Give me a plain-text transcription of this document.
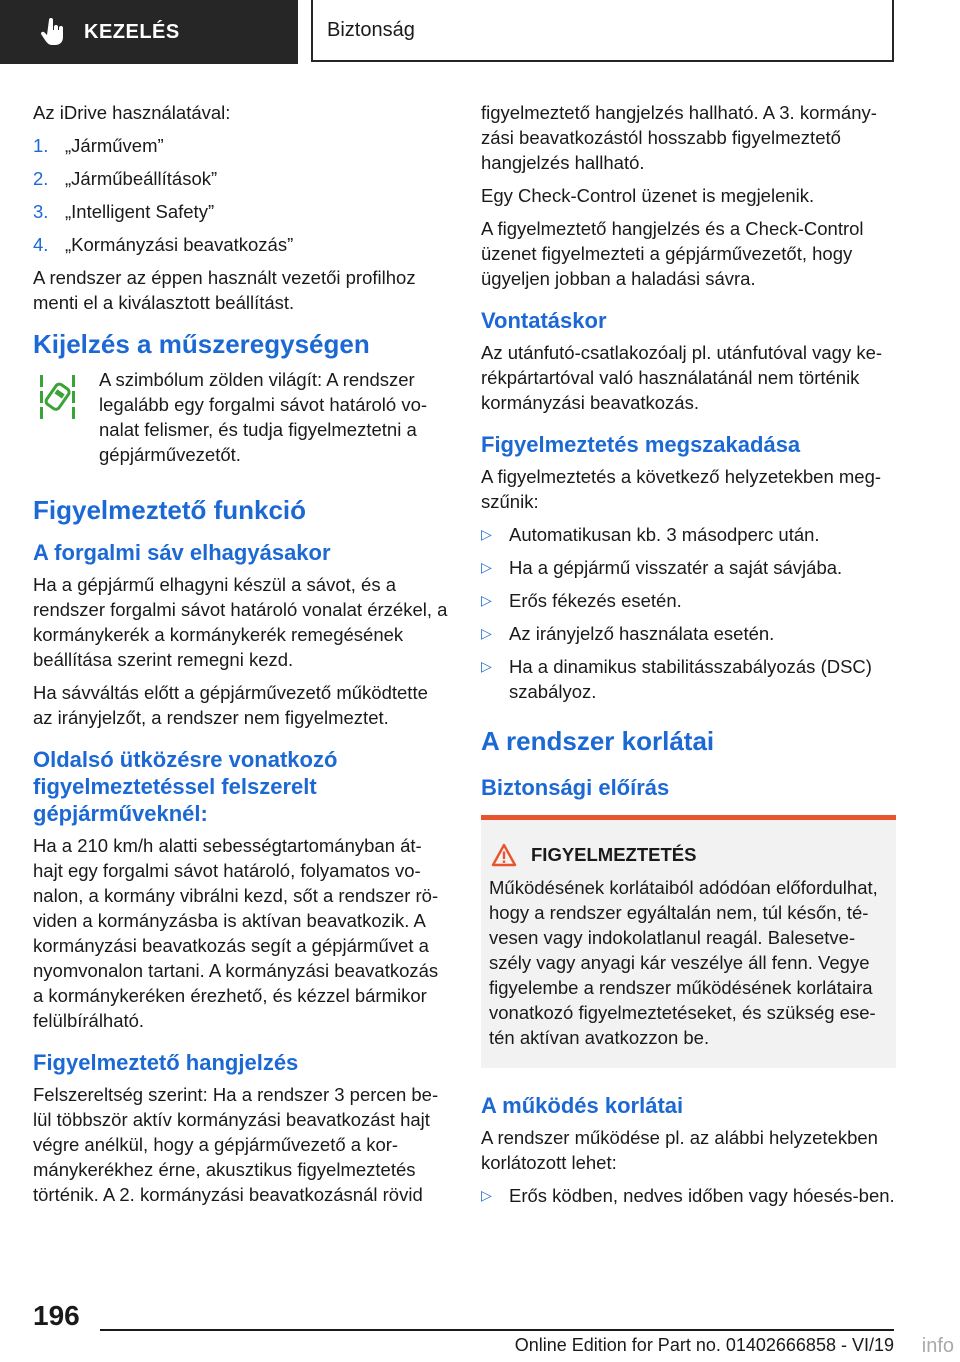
KEZELÉS	Biztonság

Az iDrive használatával:

1. „Járművem”
2. „Járműbeállítások”
3. „Intelligent Safety”
4. „Kormányzási beavatkozás”

A rendszer az éppen használt vezetői profilhoz menti el a kiválasztott beállítást.

Kijelzés a műszeregységen

A szimbólum zölden világít: A rendszer legalább egy forgalmi sávot határoló vo-nalat felismer, és tudja figyelmeztetni a gépjárművezetőt.

Figyelmeztető funkció
A forgalmi sáv elhagyásakor

Ha a gépjármű elhagyni készül a sávot, és a rendszer forgalmi sávot határoló vonalat érzékel, a kormánykerék a kormánykerék remegésének beállítása szerint remegni kezd.

Ha sávváltás előtt a gépjárművezető működtette az irányjelzőt, a rendszer nem figyelmeztet.

Oldalsó ütközésre vonatkozó figyelmeztetéssel felszerelt gépjárműveknél:

Ha a 210 km/h alatti sebességtartományban át-hajt egy forgalmi sávot határoló, folyamatos vo-nalon, a kormány vibrálni kezd, sőt a rendszer rö-viden a kormányzásba is aktívan beavatkozik. A kormányzási beavatkozás segít a gépjárművet a nyomvonalon tartani. A kormányzási beavatkozás a kormánykeréken érezhető, és kézzel bármikor felülbírálható.

Figyelmeztető hangjelzés

Felszereltség szerint: Ha a rendszer 3 percen be-lül többször aktív kormányzási beavatkozást hajt végre anélkül, hogy a gépjárművezető a kor-mánykerékhez érne, akusztikus figyelmeztetés történik. A 2. kormányzási beavatkozásnál rövid

figyelmeztető hangjelzés hallható. A 3. kormány-zási beavatkozástól hosszabb figyelmeztető hangjelzés hallható.

Egy Check-Control üzenet is megjelenik.

A figyelmeztető hangjelzés és a Check-Control üzenet figyelmezteti a gépjárművezetőt, hogy ügyeljen jobban a haladási sávra.

Vontatáskor

Az utánfutó-csatlakozóalj pl. utánfutóval vagy ke-rékpártartóval való használatánál nem történik kormányzási beavatkozás.

Figyelmeztetés megszakadása

A figyelmeztetés a következő helyzetekben meg-szűnik:

▷ Automatikusan kb. 3 másodperc után.
▷ Ha a gépjármű visszatér a saját sávjába.
▷ Erős fékezés esetén.
▷ Az irányjelző használata esetén.
▷ Ha a dinamikus stabilitásszabályozás (DSC) szabályoz.
A rendszer korlátai
Biztonsági előírás
FIGYELMEZTETÉS

Működésének korlátaiból adódóan előfordulhat, hogy a rendszer egyáltalán nem, túl későn, té-vesen vagy indokolatlanul reagál. Balesetve-szély vagy anyagi kár veszélye áll fenn. Vegye figyelembe a rendszer működésének korlátaira vonatkozó figyelmeztetéseket, és szükség ese-tén aktívan avatkozzon be.

A működés korlátai

A rendszer működése pl. az alábbi helyzetekben korlátozott lehet:

▷ Erős ködben, nedves időben vagy hóesés-ben.
196
Online Edition for Part no. 01402666858 - VI/19 info
